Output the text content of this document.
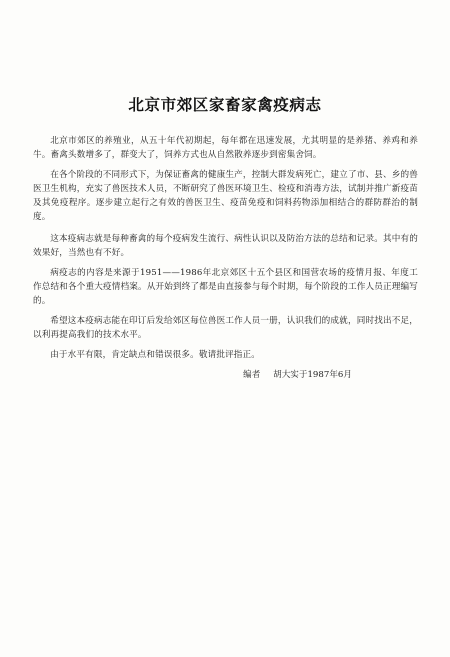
北京市郊区家畜家禽疫病志

北京市郊区的养殖业，从五十年代初期起，每年都在迅速发展，尤其明显的是养猪、养鸡和养牛。畜禽头数增多了，群变大了，饲养方式也从自然散养逐步到密集舍饲。

在各个阶段的不同形式下，为保证畜禽的健康生产，控制大群发病死亡，建立了市、县、乡的兽医卫生机构，充实了兽医技术人员，不断研究了兽医环境卫生、检疫和消毒方法，试制并推广新疫苗及其免疫程序。逐步建立起行之有效的兽医卫生、疫苗免疫和饲料药物添加相结合的群防群治的制度。

这本疫病志就是每种畜禽的每个疫病发生流行、病性认识以及防治方法的总结和记录。其中有的效果好，当然也有不好。

病疫志的内容是来源于1951——1986年北京郊区十五个县区和国营农场的疫情月报、年度工作总结和各个重大疫情档案。从开始到终了都是由直接参与每个时期，每个阶段的工作人员正理编写的。

希望这本疫病志能在印订后发给郊区每位兽医工作人员一册，认识我们的成就，同时找出不足，以利再提高我们的技术水平。

由于水平有限，肯定缺点和错误很多。敬请批评指正。

编者 胡大实于1987年6月
